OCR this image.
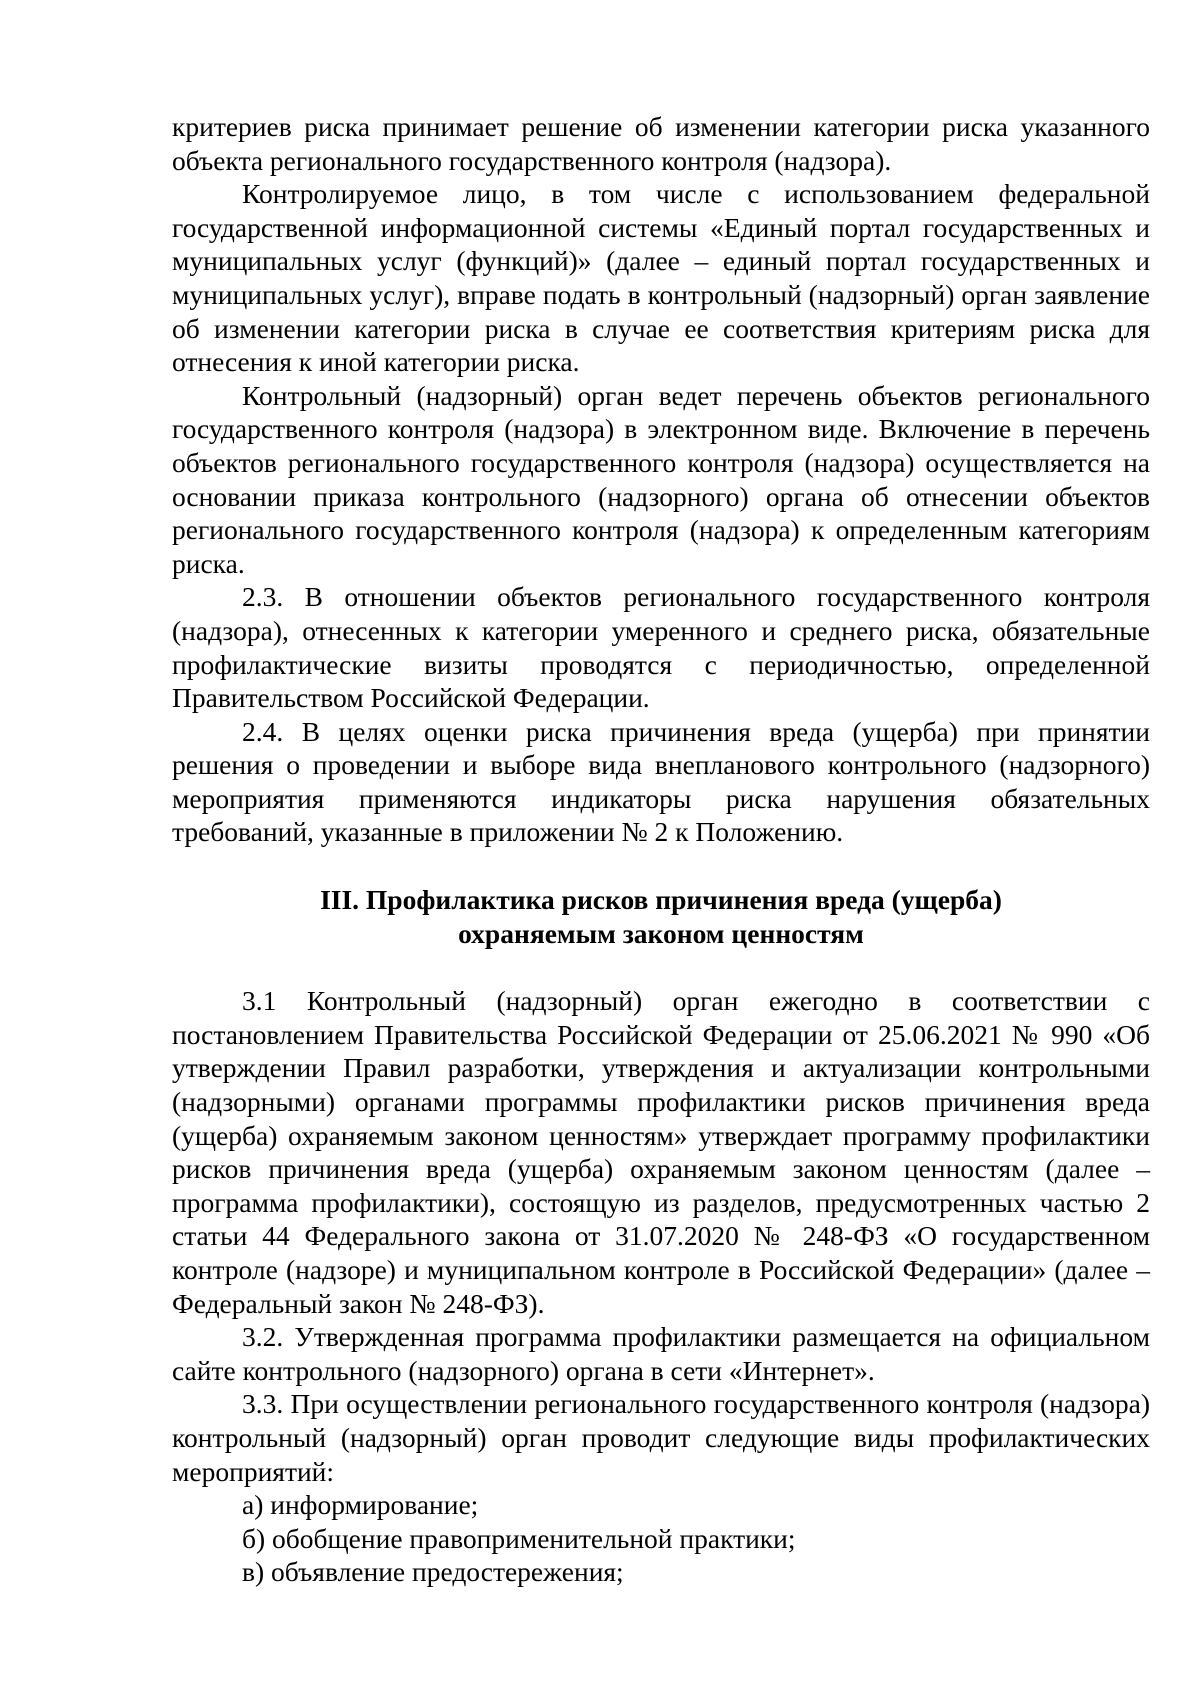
критериев риска принимает решение об изменении категории риска указанного объекта регионального государственного контроля (надзора).

Контролируемое лицо, в том числе с использованием федеральной государственной информационной системы «Единый портал государственных и муниципальных услуг (функций)» (далее – единый портал государственных и муниципальных услуг), вправе подать в контрольный (надзорный) орган заявление об изменении категории риска в случае ее соответствия критериям риска для отнесения к иной категории риска.

Контрольный (надзорный) орган ведет перечень объектов регионального государственного контроля (надзора) в электронном виде. Включение в перечень объектов регионального государственного контроля (надзора) осуществляется на основании приказа контрольного (надзорного) органа об отнесении объектов регионального государственного контроля (надзора) к определенным категориям риска.

2.3. В отношении объектов регионального государственного контроля (надзора), отнесенных к категории умеренного и среднего риска, обязательные профилактические визиты проводятся с периодичностью, определенной Правительством Российской Федерации.

2.4. В целях оценки риска причинения вреда (ущерба) при принятии решения о проведении и выборе вида внепланового контрольного (надзорного) мероприятия применяются индикаторы риска нарушения обязательных требований, указанные в приложении № 2 к Положению.

III. Профилактика рисков причинения вреда (ущерба)
охраняемым законом ценностям

3.1 Контрольный (надзорный) орган ежегодно в соответствии с постановлением Правительства Российской Федерации от 25.06.2021 № 990 «Об утверждении Правил разработки, утверждения и актуализации контрольными (надзорными) органами программы профилактики рисков причинения вреда (ущерба) охраняемым законом ценностям» утверждает программу профилактики рисков причинения вреда (ущерба) охраняемым законом ценностям (далее – программа профилактики), состоящую из разделов, предусмотренных частью 2 статьи 44 Федерального закона от 31.07.2020 № 248-ФЗ «О государственном контроле (надзоре) и муниципальном контроле в Российской Федерации» (далее – Федеральный закон № 248-ФЗ).

3.2. Утвержденная программа профилактики размещается на официальном сайте контрольного (надзорного) органа в сети «Интернет».

3.3. При осуществлении регионального государственного контроля (надзора) контрольный (надзорный) орган проводит следующие виды профилактических мероприятий:

а) информирование;

б) обобщение правоприменительной практики;

в) объявление предостережения;
